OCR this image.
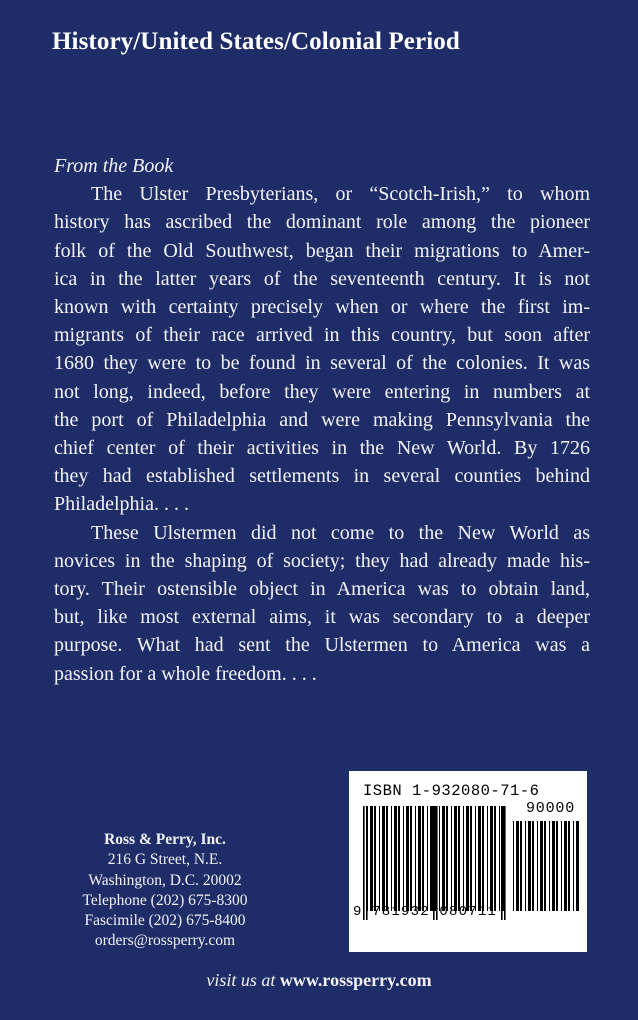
History/United States/Colonial Period
From the Book
The Ulster Presbyterians, or “Scotch-Irish,” to whom
history has ascribed the dominant role among the pioneer
folk of the Old Southwest, began their migrations to Amer-
ica in the latter years of the seventeenth century. It is not
known with certainty precisely when or where the first im-
migrants of their race arrived in this country, but soon after
1680 they were to be found in several of the colonies. It was
not long, indeed, before they were entering in numbers at
the port of Philadelphia and were making Pennsylvania the
chief center of their activities in the New World. By 1726
they had established settlements in several counties behind
Philadelphia. . . .
These Ulstermen did not come to the New World as
novices in the shaping of society; they had already made his-
tory. Their ostensible object in America was to obtain land,
but, like most external aims, it was secondary to a deeper
purpose. What had sent the Ulstermen to America was a
passion for a whole freedom. . . .
Ross & Perry, Inc.
216 G Street, N.E.
Washington, D.C. 20002
Telephone (202) 675-8300
Fascimile (202) 675-8400
orders@rossperry.com
ISBN 1-932080-71-6
90000
9 781932 080711
visit us at www.rossperry.com
